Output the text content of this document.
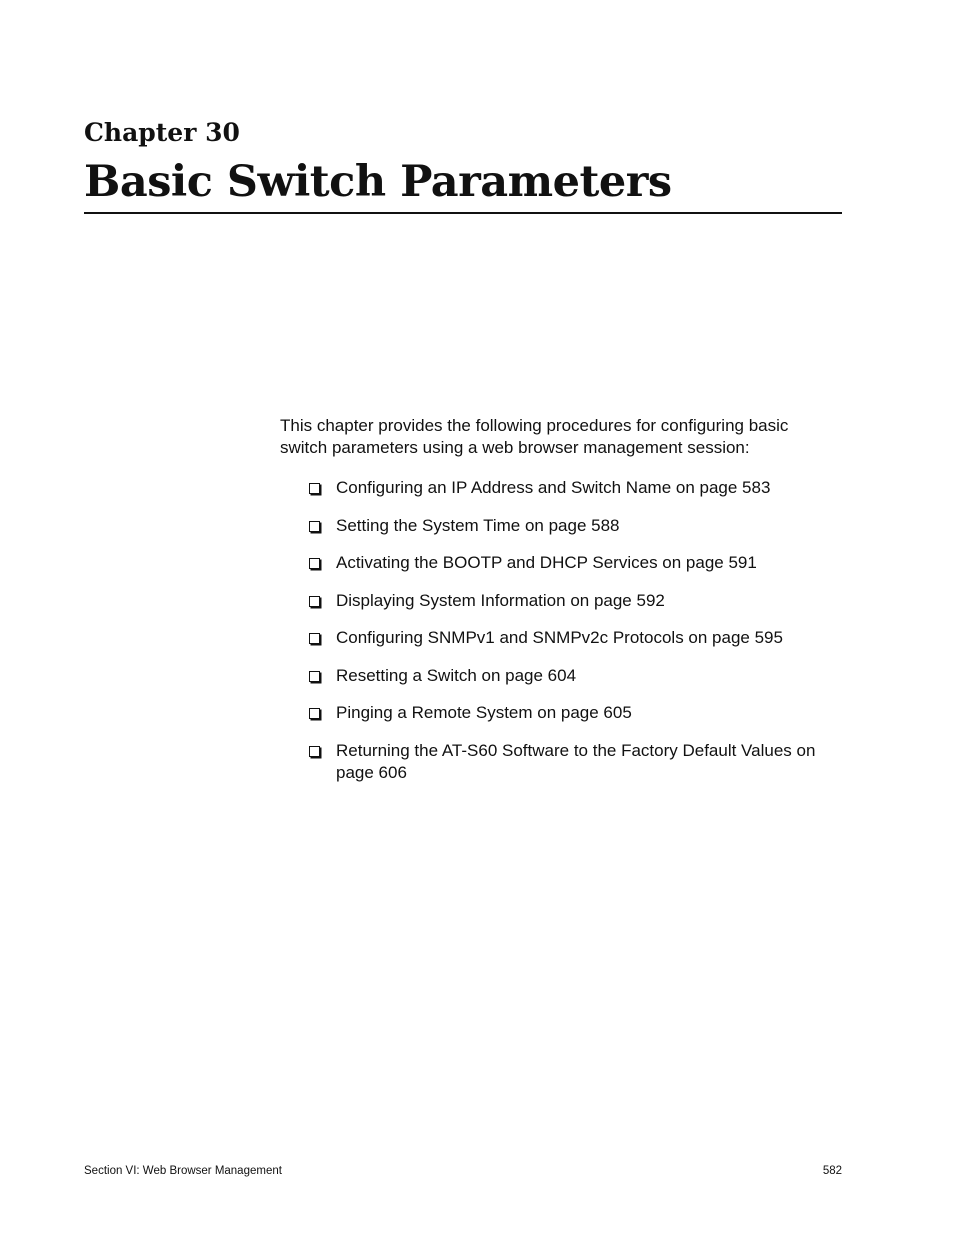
Chapter 30
Basic Switch Parameters

This chapter provides the following procedures for configuring basic switch parameters using a web browser management session:

Configuring an IP Address and Switch Name on page 583
Setting the System Time on page 588
Activating the BOOTP and DHCP Services on page 591
Displaying System Information on page 592
Configuring SNMPv1 and SNMPv2c Protocols on page 595
Resetting a Switch on page 604
Pinging a Remote System on page 605
Returning the AT-S60 Software to the Factory Default Values on page 606
Section VI: Web Browser Management	582
